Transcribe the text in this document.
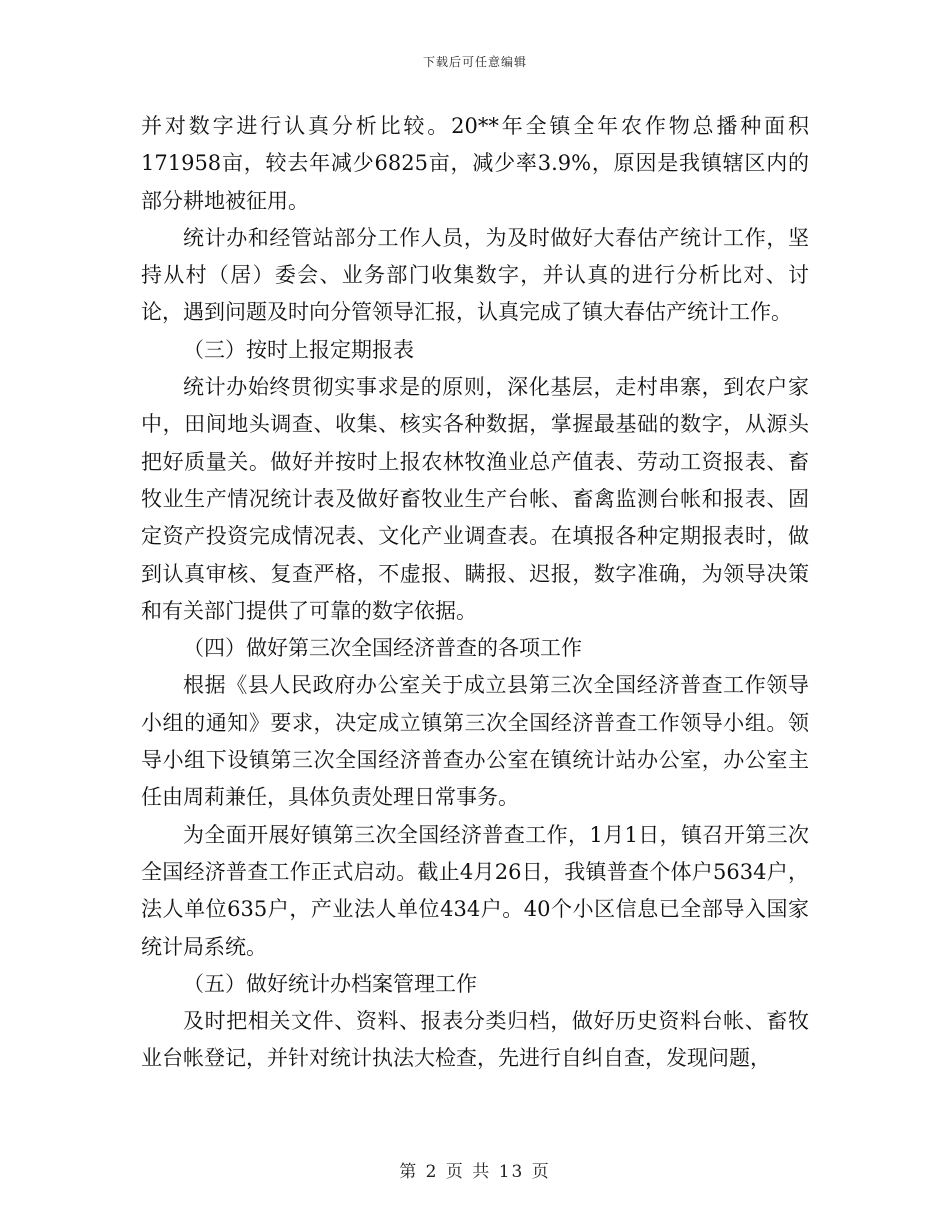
下载后可任意编辑

并对数字进行认真分析比较。20**年全镇全年农作物总播种面积171958亩，较去年减少6825亩，减少率3.9%，原因是我镇辖区内的部分耕地被征用。

统计办和经管站部分工作人员，为及时做好大春估产统计工作，坚持从村（居）委会、业务部门收集数字，并认真的进行分析比对、讨论，遇到问题及时向分管领导汇报，认真完成了镇大春估产统计工作。

（三）按时上报定期报表

统计办始终贯彻实事求是的原则，深化基层，走村串寨，到农户家中，田间地头调查、收集、核实各种数据，掌握最基础的数字，从源头把好质量关。做好并按时上报农林牧渔业总产值表、劳动工资报表、畜牧业生产情况统计表及做好畜牧业生产台帐、畜禽监测台帐和报表、固定资产投资完成情况表、文化产业调查表。在填报各种定期报表时，做到认真审核、复查严格，不虚报、瞒报、迟报，数字准确，为领导决策和有关部门提供了可靠的数字依据。

（四）做好第三次全国经济普查的各项工作

根据《县人民政府办公室关于成立县第三次全国经济普查工作领导小组的通知》要求，决定成立镇第三次全国经济普查工作领导小组。领导小组下设镇第三次全国经济普查办公室在镇统计站办公室，办公室主任由周莉兼任，具体负责处理日常事务。

为全面开展好镇第三次全国经济普查工作，1月1日，镇召开第三次全国经济普查工作正式启动。截止4月26日，我镇普查个体户5634户，法人单位635户，产业法人单位434户。40个小区信息已全部导入国家统计局系统。

（五）做好统计办档案管理工作

及时把相关文件、资料、报表分类归档，做好历史资料台帐、畜牧业台帐登记，并针对统计执法大检查，先进行自纠自查，发现问题，

第 2 页 共 13 页
